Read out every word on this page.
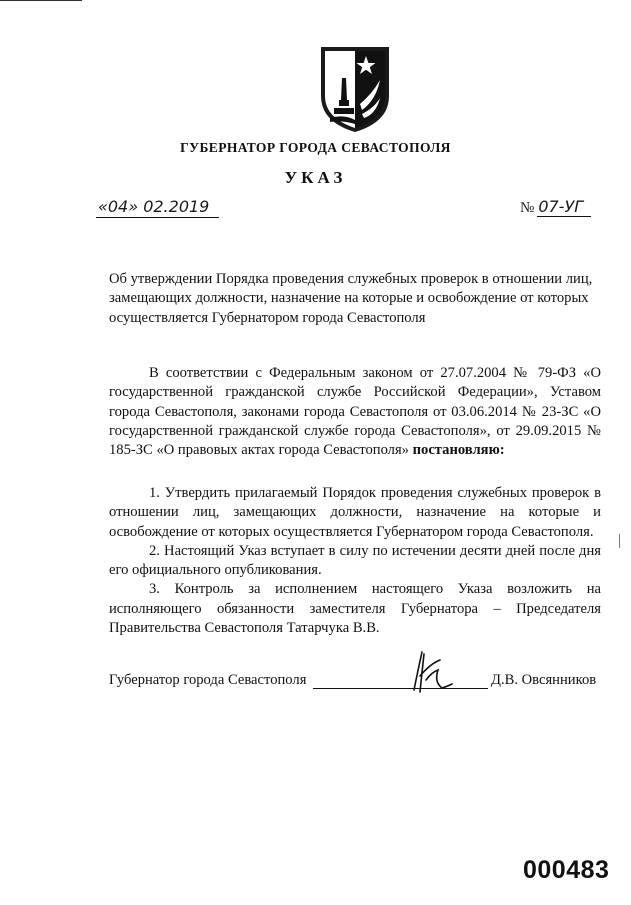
ГУБЕРНАТОР ГОРОДА СЕВАСТОПОЛЯ
УКАЗ
«04» 02.2019	№ 07-УГ
Об утверждении Порядка проведения служебных проверок в отношении лиц, замещающих должности, назначение на которые и освобождение от которых осуществляется Губернатором города Севастополя
В соответствии с Федеральным законом от 27.07.2004 № 79-ФЗ «О государственной гражданской службе Российской Федерации», Уставом города Севастополя, законами города Севастополя от 03.06.2014 № 23-ЗС «О государственной гражданской службе города Севастополя», от 29.09.2015 № 185-ЗС «О правовых актах города Севастополя» постановляю:

1. Утвердить прилагаемый Порядок проведения служебных проверок в отношении лиц, замещающих должности, назначение на которые и освобождение от которых осуществляется Губернатором города Севастополя.

2. Настоящий Указ вступает в силу по истечении десяти дней после дня его официального опубликования.

3. Контроль за исполнением настоящего Указа возложить на исполняющего обязанности заместителя Губернатора – Председателя Правительства Севастополя Татарчука В.В.

Губернатор города Севастополя	Д.В. Овсянников
000483
